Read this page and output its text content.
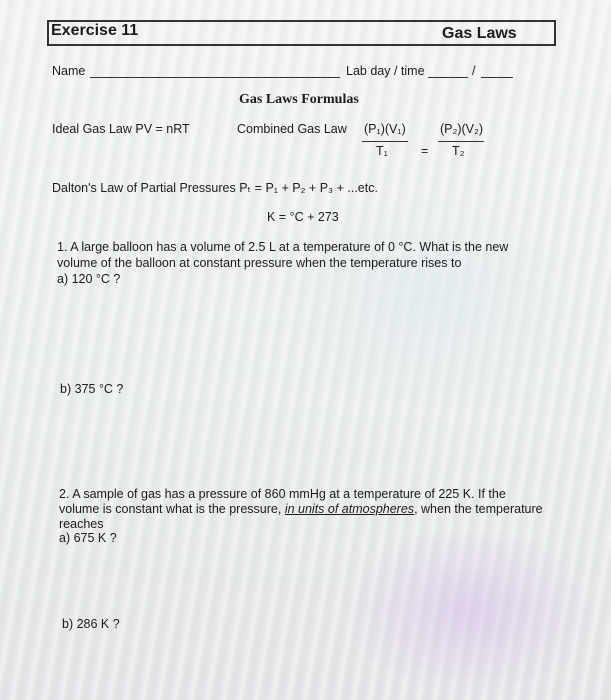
Exercise 11	Gas Laws
Name	Lab day / time	/
Gas Laws Formulas
Ideal Gas Law PV = nRT	Combined Gas Law (P₁)(V₁)
T₁	=
(P₂)(V₂)
T₂
Dalton's Law of Partial Pressures Pₜ = P₁ + P₂ + P₃ + ...etc.
K = °C + 273
1. A large balloon has a volume of 2.5 L at a temperature of 0 °C. What is the new
volume of the balloon at constant pressure when the temperature rises to
a) 120 °C ?
b) 375 °C ?
2. A sample of gas has a pressure of 860 mmHg at a temperature of 225 K. If the
volume is constant what is the pressure, in units of atmospheres, when the temperature
reaches
a) 675 K ?
b) 286 K ?
